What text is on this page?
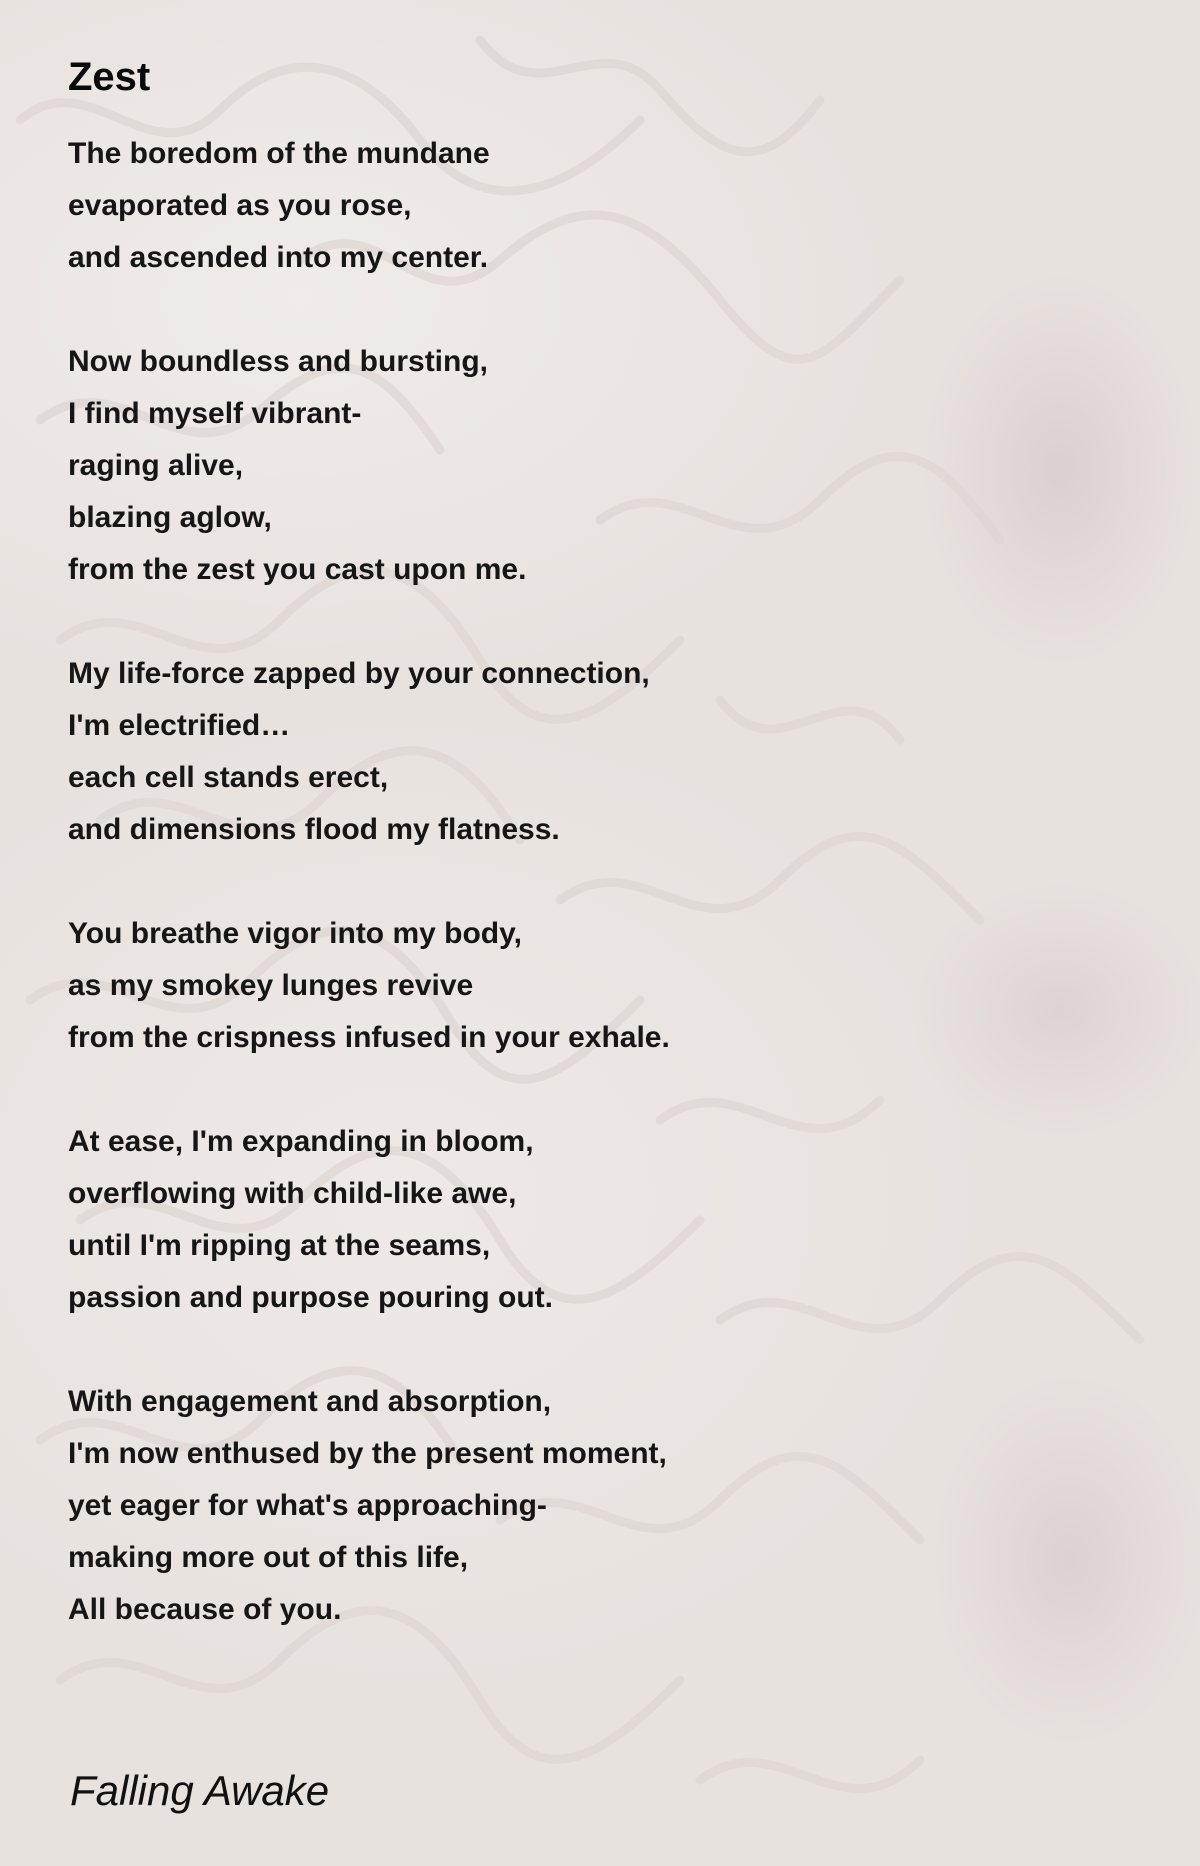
Zest
The boredom of the mundane
evaporated as you rose,
and ascended into my center.
Now boundless and bursting,
I find myself vibrant-
raging alive,
blazing aglow,
from the zest you cast upon me.
My life-force zapped by your connection,
I'm electrified…
each cell stands erect,
and dimensions flood my flatness.
You breathe vigor into my body,
as my smokey lunges revive
from the crispness infused in your exhale.
At ease, I'm expanding in bloom,
overflowing with child-like awe,
until I'm ripping at the seams,
passion and purpose pouring out.
With engagement and absorption,
I'm now enthused by the present moment,
yet eager for what's approaching-
making more out of this life,
All because of you.
Falling Awake
